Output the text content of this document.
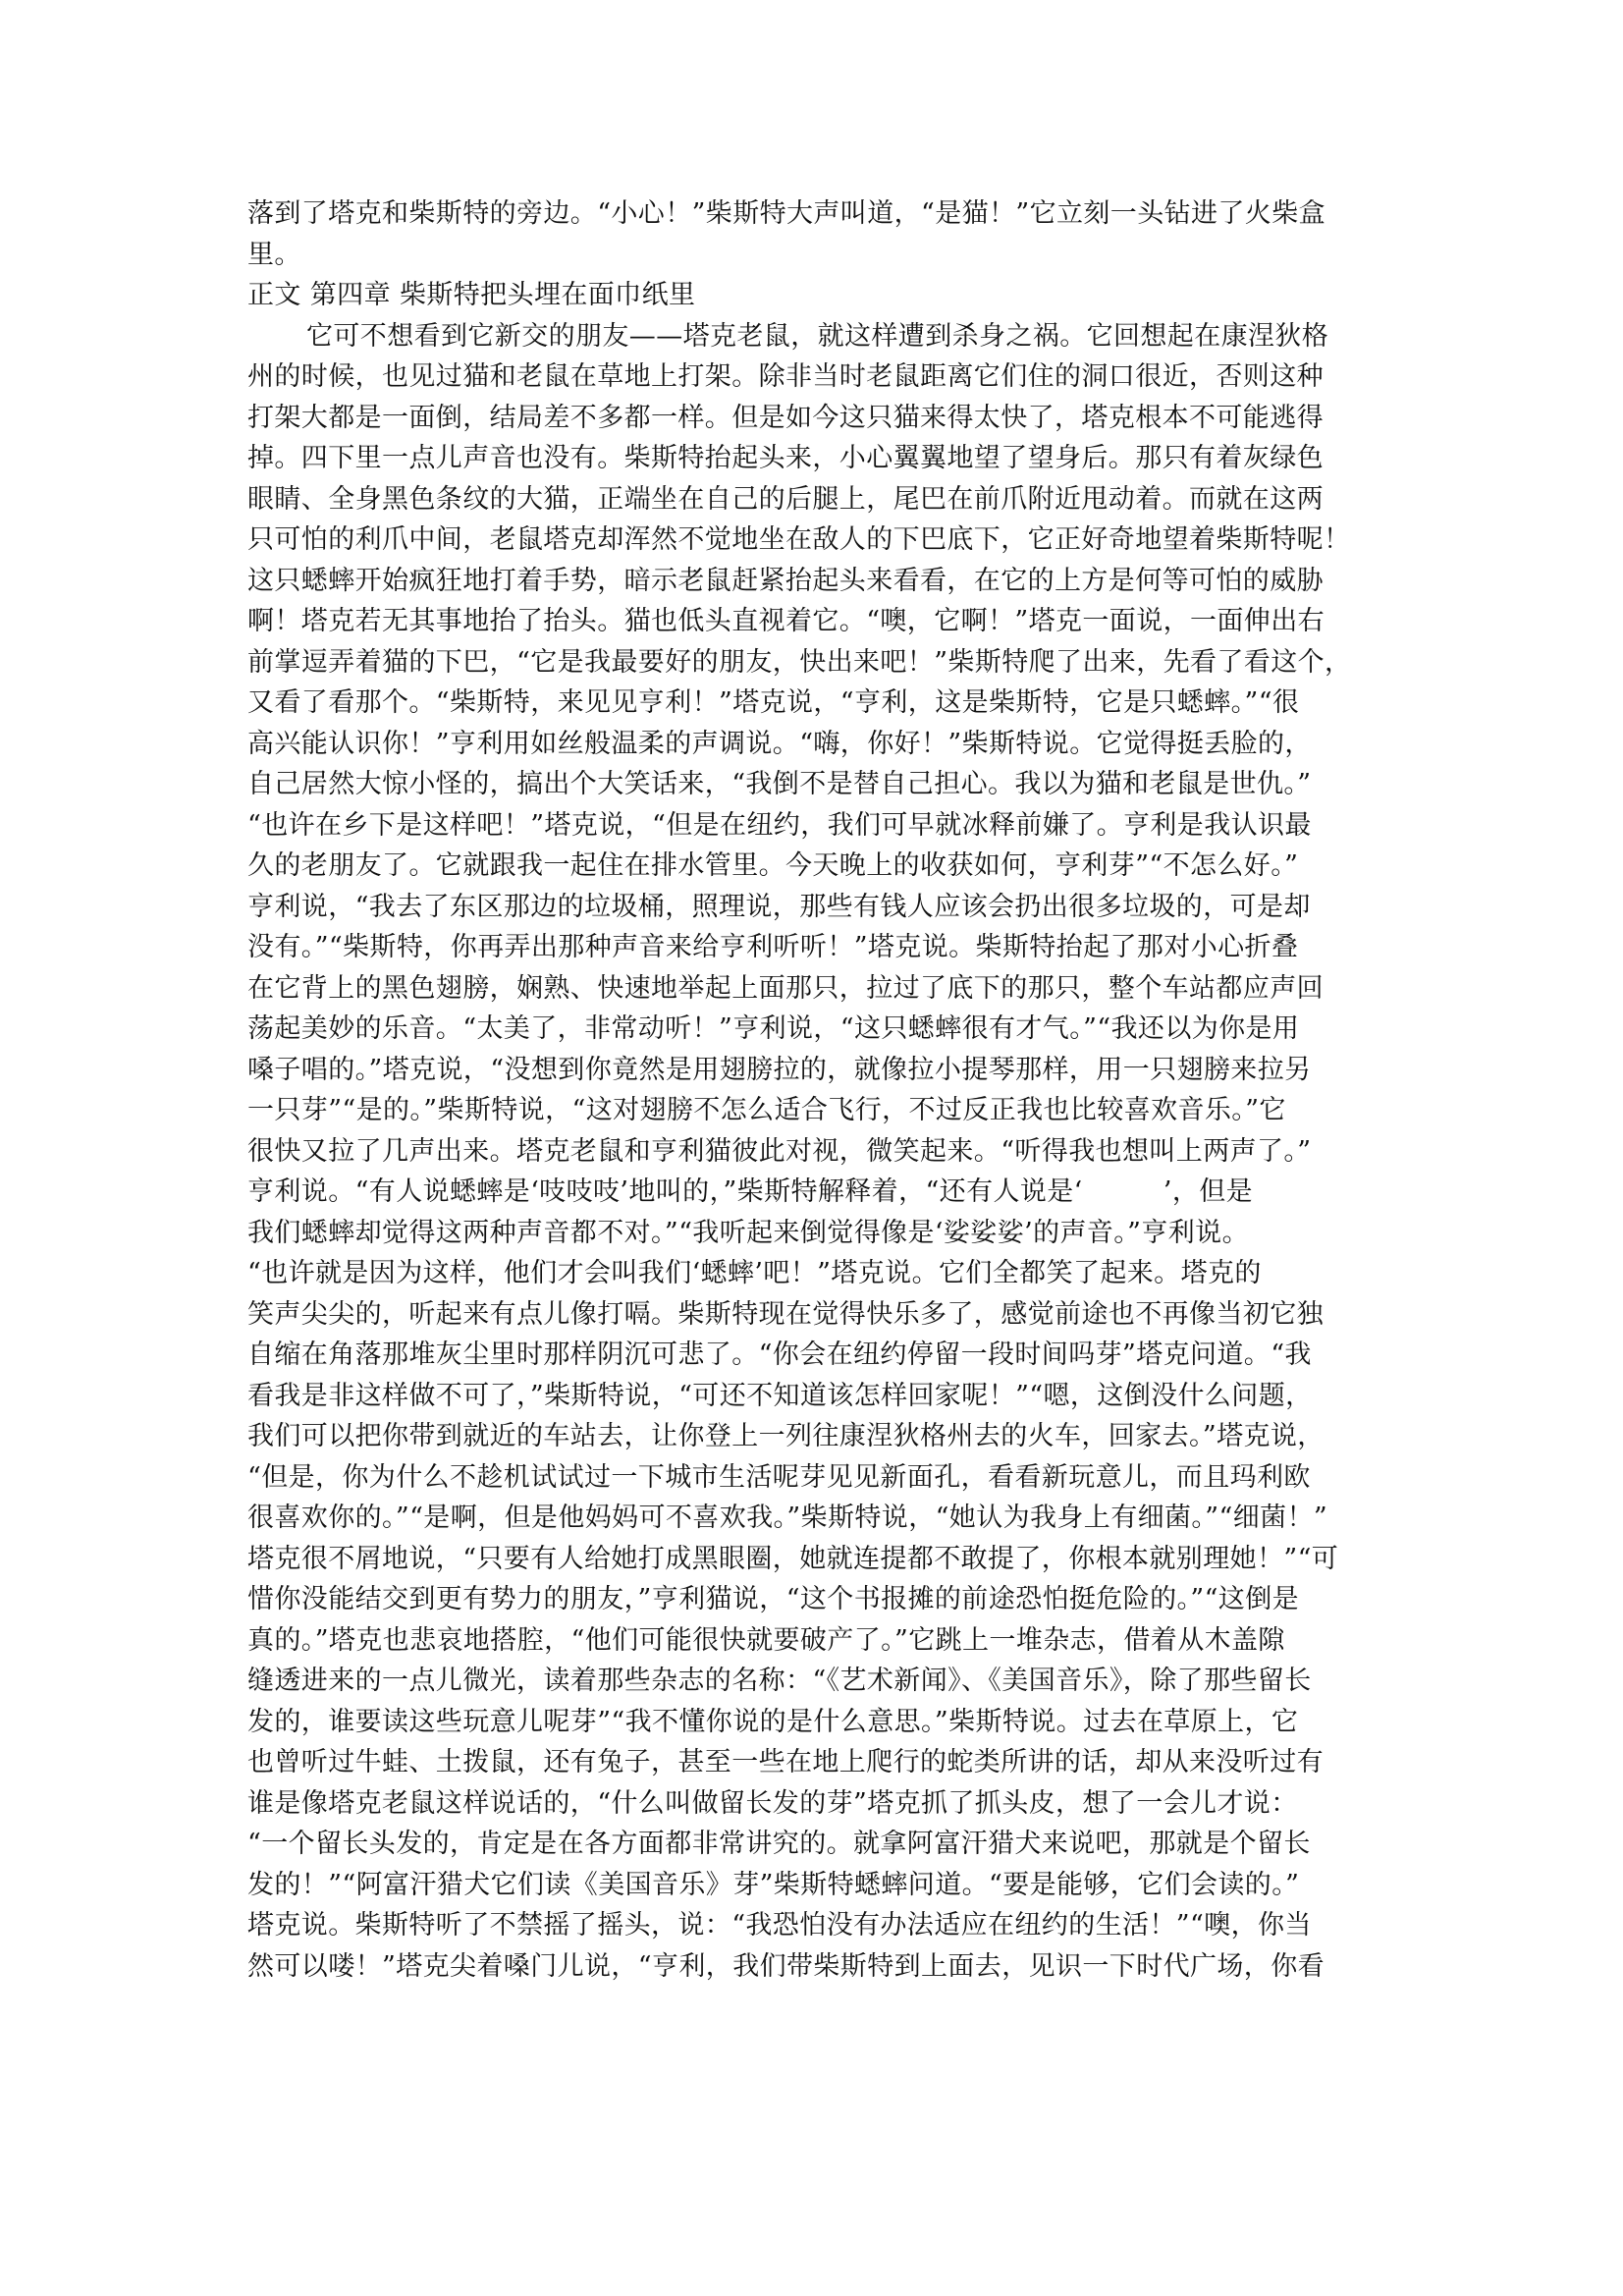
落到了塔克和柴斯特的旁边。“小心！”柴斯特大声叫道，“是猫！”它立刻一头钻进了火柴盒
里。
正文 第四章 柴斯特把头埋在面巾纸里
它可不想看到它新交的朋友——塔克老鼠，就这样遭到杀身之祸。它回想起在康涅狄格
州的时候，也见过猫和老鼠在草地上打架。除非当时老鼠距离它们住的洞口很近，否则这种
打架大都是一面倒，结局差不多都一样。但是如今这只猫来得太快了，塔克根本不可能逃得
掉。四下里一点儿声音也没有。柴斯特抬起头来，小心翼翼地望了望身后。那只有着灰绿色
眼睛、全身黑色条纹的大猫，正端坐在自己的后腿上，尾巴在前爪附近甩动着。而就在这两
只可怕的利爪中间，老鼠塔克却浑然不觉地坐在敌人的下巴底下，它正好奇地望着柴斯特呢！
这只蟋蟀开始疯狂地打着手势，暗示老鼠赶紧抬起头来看看，在它的上方是何等可怕的威胁
啊！塔克若无其事地抬了抬头。猫也低头直视着它。“噢，它啊！”塔克一面说，一面伸出右
前掌逗弄着猫的下巴，“它是我最要好的朋友，快出来吧！”柴斯特爬了出来，先看了看这个，
又看了看那个。“柴斯特，来见见亨利！”塔克说，“亨利，这是柴斯特，它是只蟋蟀。”“很
高兴能认识你！”亨利用如丝般温柔的声调说。“嗨，你好！”柴斯特说。它觉得挺丢脸的，
自己居然大惊小怪的，搞出个大笑话来，“我倒不是替自己担心。我以为猫和老鼠是世仇。”
“也许在乡下是这样吧！”塔克说，“但是在纽约，我们可早就冰释前嫌了。亨利是我认识最
久的老朋友了。它就跟我一起住在排水管里。今天晚上的收获如何，亨利芽”“不怎么好。”
亨利说，“我去了东区那边的垃圾桶，照理说，那些有钱人应该会扔出很多垃圾的，可是却
没有。”“柴斯特，你再弄出那种声音来给亨利听听！”塔克说。柴斯特抬起了那对小心折叠
在它背上的黑色翅膀，娴熟、快速地举起上面那只，拉过了底下的那只，整个车站都应声回
荡起美妙的乐音。“太美了，非常动听！”亨利说，“这只蟋蟀很有才气。”“我还以为你是用
嗓子唱的。”塔克说，“没想到你竟然是用翅膀拉的，就像拉小提琴那样，用一只翅膀来拉另
一只芽”“是的。”柴斯特说，“这对翅膀不怎么适合飞行，不过反正我也比较喜欢音乐。”它
很快又拉了几声出来。塔克老鼠和亨利猫彼此对视，微笑起来。“听得我也想叫上两声了。”
亨利说。“有人说蟋蟀是‘吱吱吱’地叫的，”柴斯特解释着，“还有人说是‘　　　’，但是
我们蟋蟀却觉得这两种声音都不对。”“我听起来倒觉得像是‘娑娑娑’的声音。”亨利说。
“也许就是因为这样，他们才会叫我们‘蟋蟀’吧！”塔克说。它们全都笑了起来。塔克的
笑声尖尖的，听起来有点儿像打嗝。柴斯特现在觉得快乐多了，感觉前途也不再像当初它独
自缩在角落那堆灰尘里时那样阴沉可悲了。“你会在纽约停留一段时间吗芽”塔克问道。“我
看我是非这样做不可了，”柴斯特说，“可还不知道该怎样回家呢！”“嗯，这倒没什么问题，
我们可以把你带到就近的车站去，让你登上一列往康涅狄格州去的火车，回家去。”塔克说，
“但是，你为什么不趁机试试过一下城市生活呢芽见见新面孔，看看新玩意儿，而且玛利欧
很喜欢你的。”“是啊，但是他妈妈可不喜欢我。”柴斯特说，“她认为我身上有细菌。”“细菌！”
塔克很不屑地说，“只要有人给她打成黑眼圈，她就连提都不敢提了，你根本就别理她！”“可
惜你没能结交到更有势力的朋友，”亨利猫说，“这个书报摊的前途恐怕挺危险的。”“这倒是
真的。”塔克也悲哀地搭腔，“他们可能很快就要破产了。”它跳上一堆杂志，借着从木盖隙
缝透进来的一点儿微光，读着那些杂志的名称：“《艺术新闻》、《美国音乐》，除了那些留长
发的，谁要读这些玩意儿呢芽”“我不懂你说的是什么意思。”柴斯特说。过去在草原上，它
也曾听过牛蛙、土拨鼠，还有兔子，甚至一些在地上爬行的蛇类所讲的话，却从来没听过有
谁是像塔克老鼠这样说话的，“什么叫做留长发的芽”塔克抓了抓头皮，想了一会儿才说：
“一个留长头发的，肯定是在各方面都非常讲究的。就拿阿富汗猎犬来说吧，那就是个留长
发的！”“阿富汗猎犬它们读《美国音乐》芽”柴斯特蟋蟀问道。“要是能够，它们会读的。”
塔克说。柴斯特听了不禁摇了摇头，说：“我恐怕没有办法适应在纽约的生活！”“噢，你当
然可以喽！”塔克尖着嗓门儿说，“亨利，我们带柴斯特到上面去，见识一下时代广场，你看
